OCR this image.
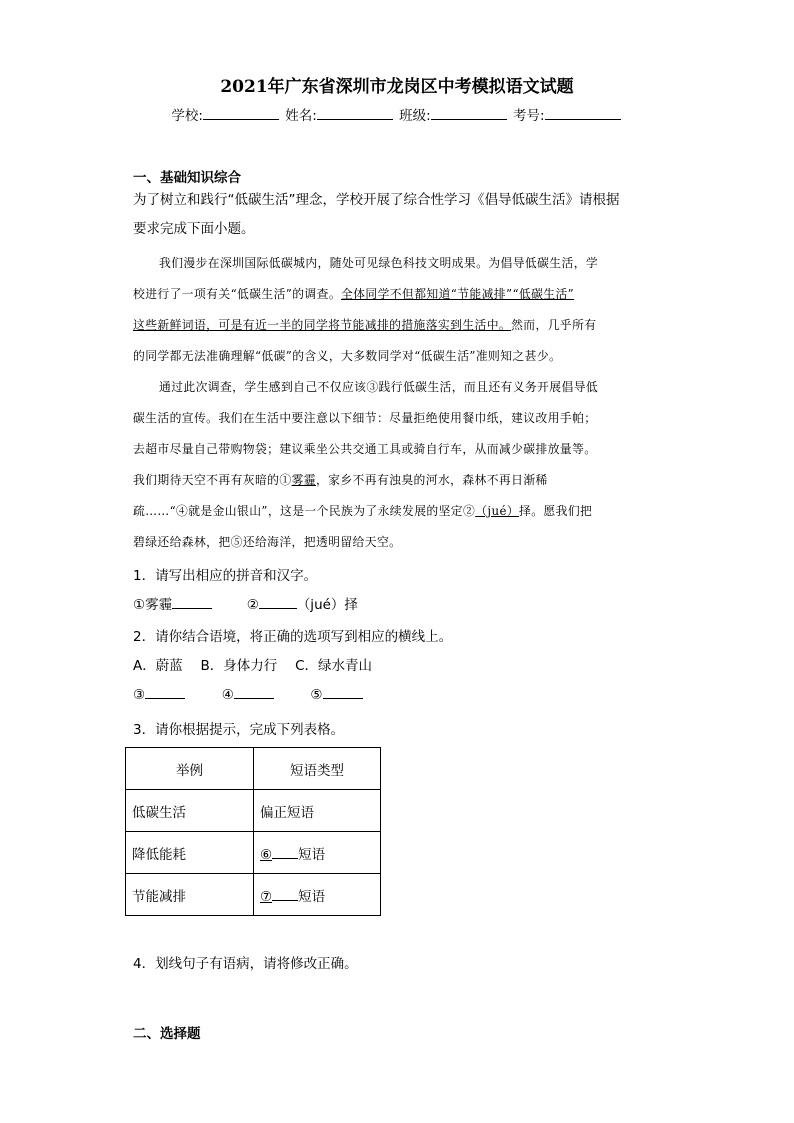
2021年广东省深圳市龙岗区中考模拟语文试题
学校:	姓名:	班级:	考号:
一、基础知识综合
为了树立和践行“低碳生活”理念，学校开展了综合性学习《倡导低碳生活》请根据
要求完成下面小题。
我们漫步在深圳国际低碳城内，随处可见绿色科技文明成果。为倡导低碳生活，学
校进行了一项有关“低碳生活”的调查。全体同学不但都知道“节能减排”“低碳生活”
这些新鲜词语，可是有近一半的同学将节能减排的措施落实到生活中。然而，几乎所有
的同学都无法准确理解“低碳”的含义，大多数同学对“低碳生活”准则知之甚少。
通过此次调查，学生感到自己不仅应该③践行低碳生活，而且还有义务开展倡导低
碳生活的宣传。我们在生活中要注意以下细节：尽量拒绝使用餐巾纸，建议改用手帕；
去超市尽量自己带购物袋；建议乘坐公共交通工具或骑自行车，从而减少碳排放量等。
我们期待天空不再有灰暗的①雾霾，家乡不再有浊臭的河水，森林不再日渐稀
疏……“④就是金山银山”，这是一个民族为了永续发展的坚定②（jué）择。愿我们把
碧绿还给森林，把⑤还给海洋，把透明留给天空。
1．请写出相应的拼音和汉字。
①雾霾	②	（jué）择
2．请你结合语境，将正确的选项写到相应的横线上。
A．蔚蓝　 B．身体力行　 C．绿水青山
③	④	⑤
3．请你根据提示，完成下列表格。
举例	短语类型
低碳生活	偏正短语
降低能耗	⑥ 短语
节能减排	⑦ 短语
4．划线句子有语病，请将修改正确。
二、选择题
